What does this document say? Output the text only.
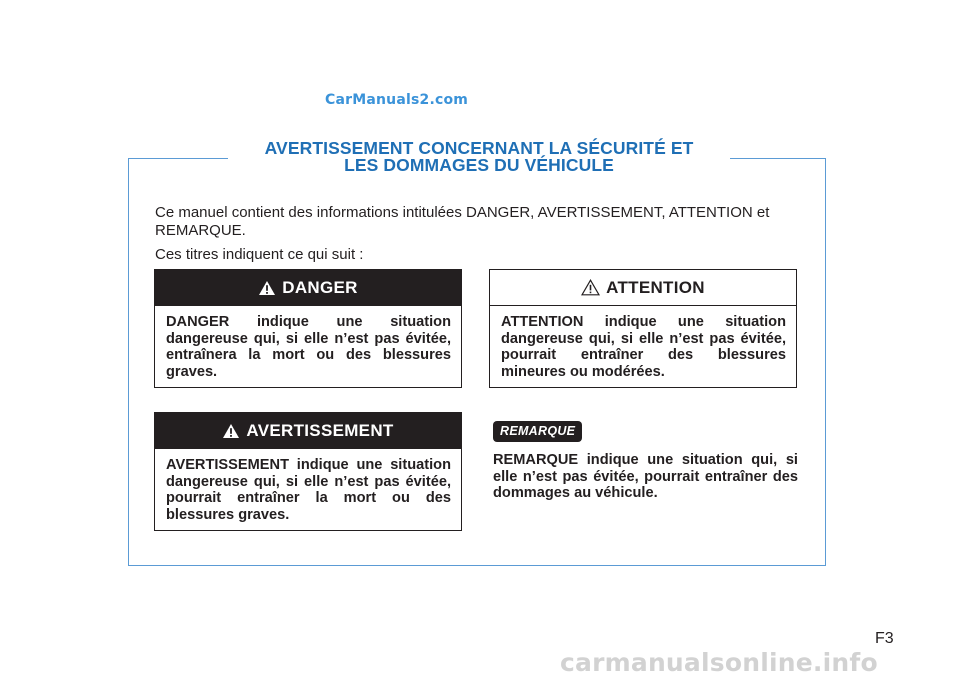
CarManuals2.com
AVERTISSEMENT CONCERNANT LA SÉCURITÉ ET
LES DOMMAGES DU VÉHICULE

Ce manuel contient des informations intitulées DANGER, AVERTISSEMENT, ATTENTION et REMARQUE.

Ces titres indiquent ce qui suit :

DANGER
DANGER indique une situation dangereuse qui, si elle n’est pas évitée, entraînera la mort ou des blessures graves.
ATTENTION
ATTENTION indique une situation dangereuse qui, si elle n’est pas évitée, pourrait entraîner des blessures mineures ou modérées.
AVERTISSEMENT
AVERTISSEMENT indique une situation dangereuse qui, si elle n’est pas évitée, pourrait entraîner la mort ou des blessures graves.
REMARQUE
REMARQUE indique une situation qui, si elle n’est pas évitée, pourrait entraîner des dommages au véhicule.
F3
carmanualsonline.info
